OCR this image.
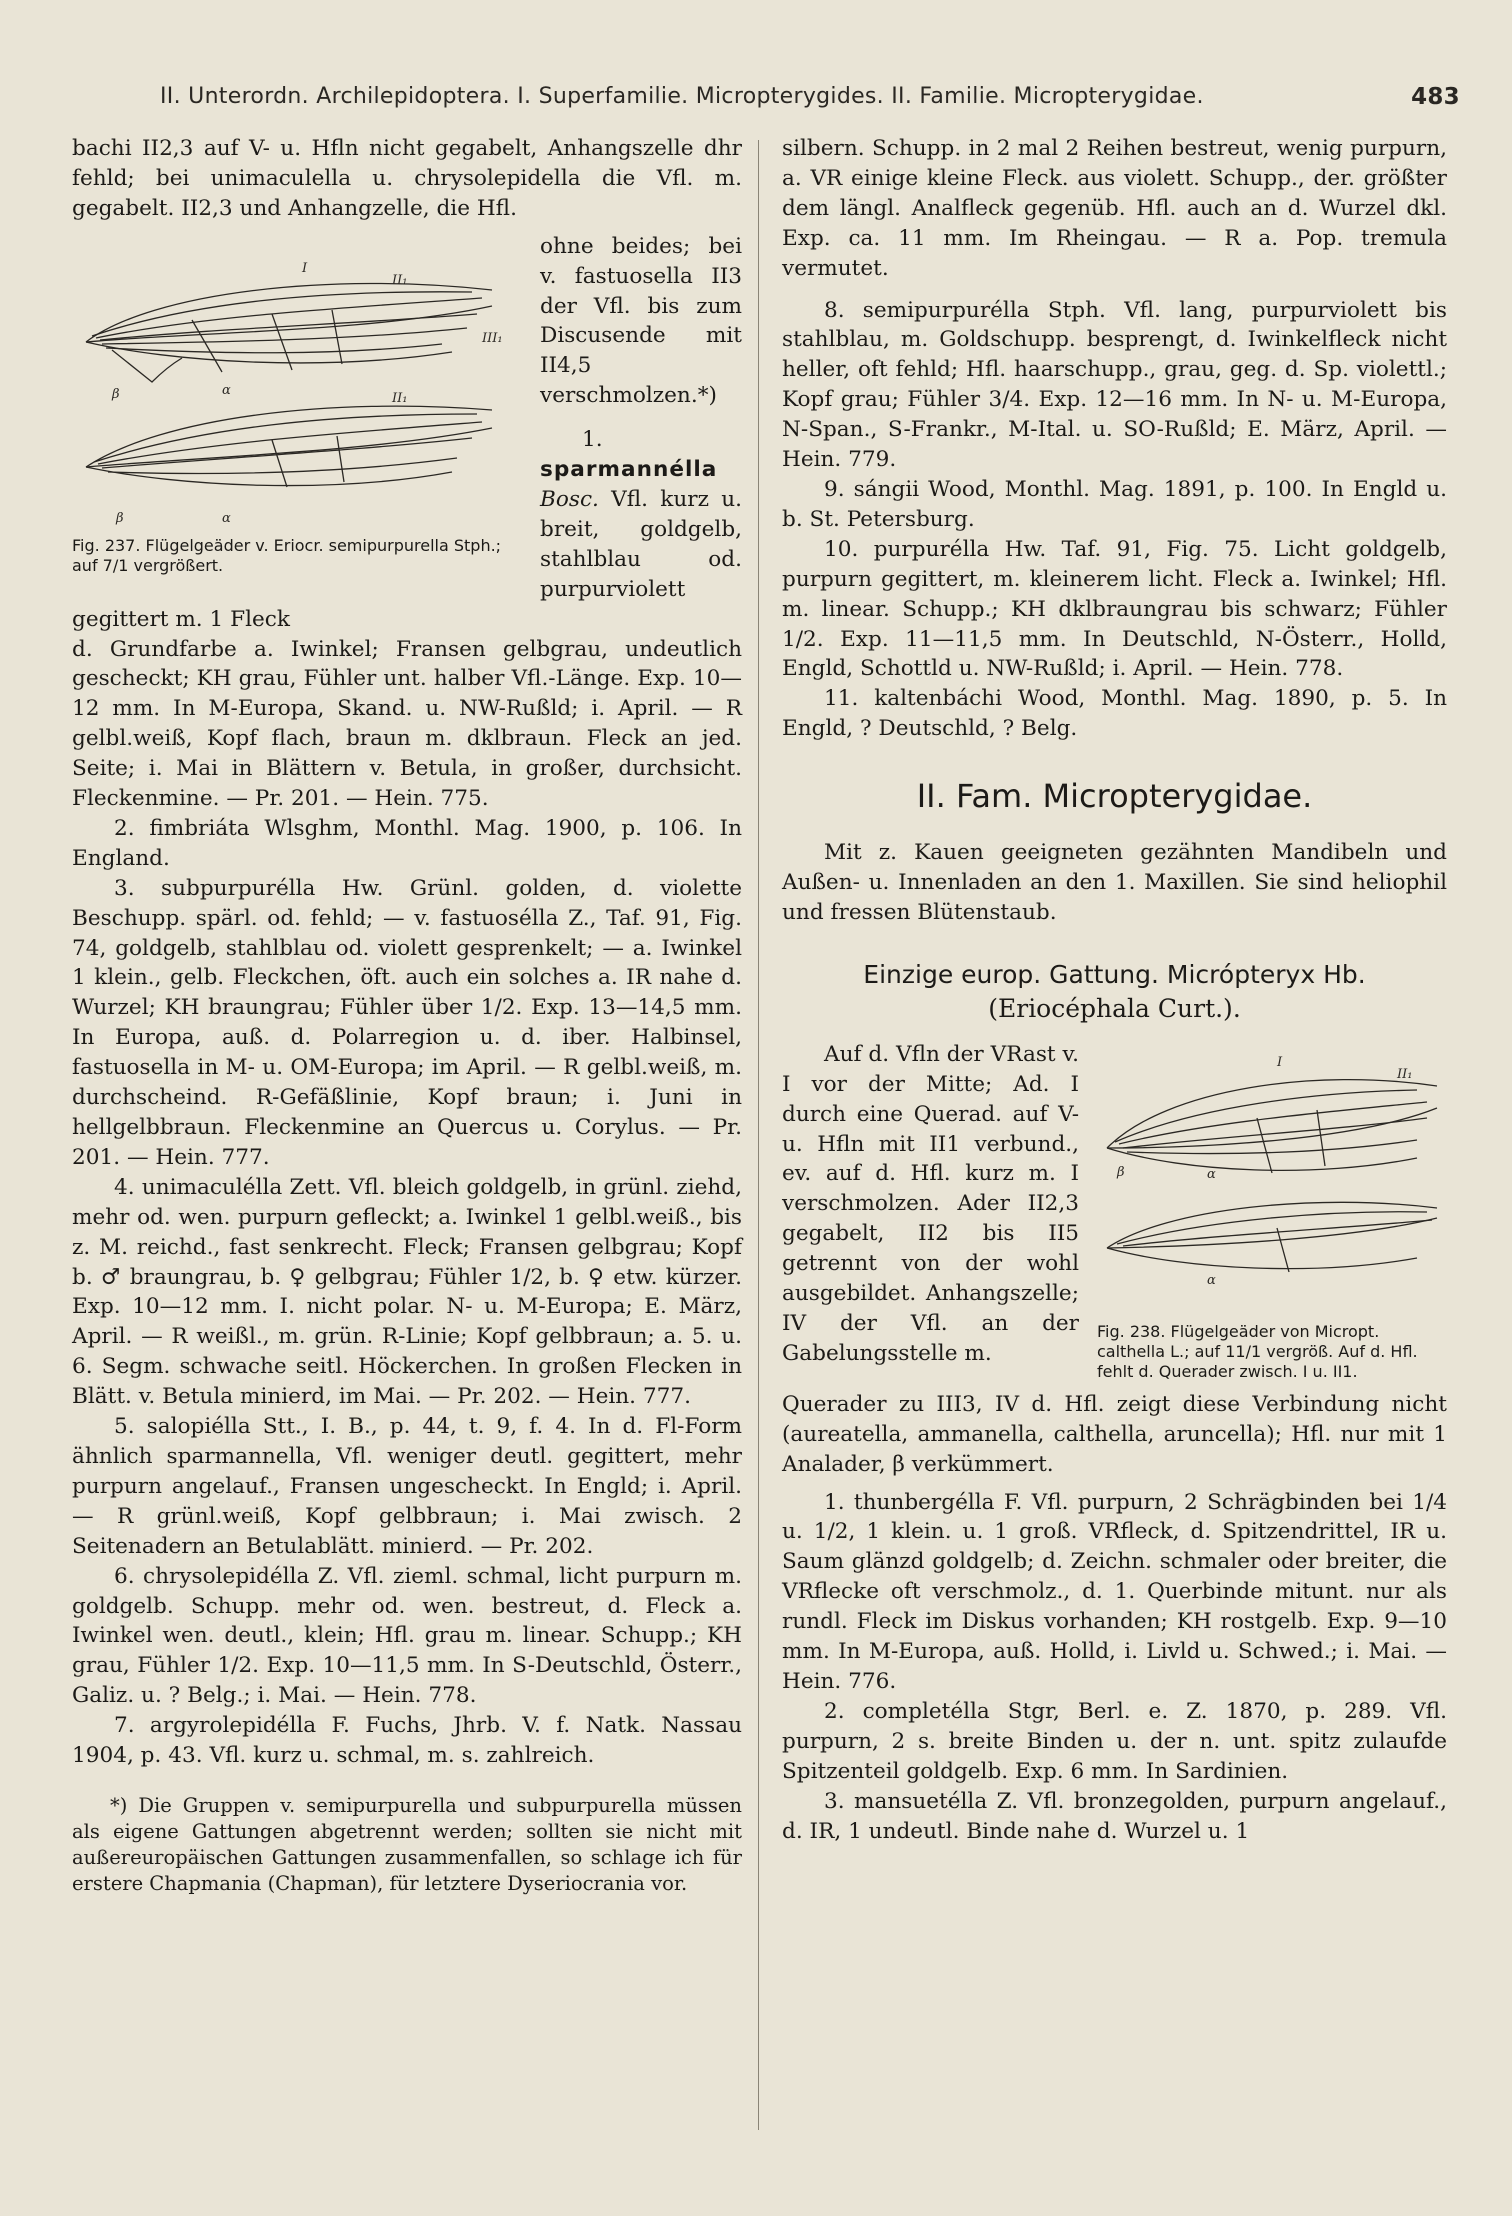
II. Unterordn. Archilepidoptera. I. Superfamilie. Micropterygides. II. Familie. Micropterygidae.	483

bachi II2,3 auf V- u. Hfln nicht gegabelt, Anhangszelle dhr fehld; bei unimaculella u. chrysolepidella die Vfl. m. gegabelt. II2,3 und Anhangzelle, die Hfl.

I
II₁
III₁
β	α
II₁
β	α
Fig. 237. Flügelgeäder v. Eriocr. semipurpurella Stph.; auf 7/1 vergrößert.

ohne beides; bei v. fastuosella II3 der Vfl. bis zum Discusende mit II4,5 verschmolzen.*)

1. sparmannélla Bosc. Vfl. kurz u. breit, goldgelb, stahlblau od. purpurviolett gegittert m. 1 Fleck

d. Grundfarbe a. Iwinkel; Fransen gelbgrau, undeutlich gescheckt; KH grau, Fühler unt. halber Vfl.-Länge. Exp. 10—12 mm. In M-Europa, Skand. u. NW-Rußld; i. April. — R gelbl.weiß, Kopf flach, braun m. dklbraun. Fleck an jed. Seite; i. Mai in Blättern v. Betula, in großer, durchsicht. Fleckenmine. — Pr. 201. — Hein. 775.

2. fimbriáta Wlsghm, Monthl. Mag. 1900, p. 106. In England.

3. subpurpurélla Hw. Grünl. golden, d. violette Beschupp. spärl. od. fehld; — v. fastuosélla Z., Taf. 91, Fig. 74, goldgelb, stahlblau od. violett gesprenkelt; — a. Iwinkel 1 klein., gelb. Fleckchen, öft. auch ein solches a. IR nahe d. Wurzel; KH braungrau; Fühler über 1/2. Exp. 13—14,5 mm. In Europa, auß. d. Polarregion u. d. iber. Halbinsel, fastuosella in M- u. OM-Europa; im April. — R gelbl.weiß, m. durchscheind. R-Gefäßlinie, Kopf braun; i. Juni in hellgelbbraun. Fleckenmine an Quercus u. Corylus. — Pr. 201. — Hein. 777.

4. unimaculélla Zett. Vfl. bleich goldgelb, in grünl. ziehd, mehr od. wen. purpurn gefleckt; a. Iwinkel 1 gelbl.weiß., bis z. M. reichd., fast senkrecht. Fleck; Fransen gelbgrau; Kopf b. ♂ braungrau, b. ♀ gelbgrau; Fühler 1/2, b. ♀ etw. kürzer. Exp. 10—12 mm. I. nicht polar. N- u. M-Europa; E. März, April. — R weißl., m. grün. R-Linie; Kopf gelbbraun; a. 5. u. 6. Segm. schwache seitl. Höckerchen. In großen Flecken in Blätt. v. Betula minierd, im Mai. — Pr. 202. — Hein. 777.

5. salopiélla Stt., I. B., p. 44, t. 9, f. 4. In d. Fl-Form ähnlich sparmannella, Vfl. weniger deutl. gegittert, mehr purpurn angelauf., Fransen ungescheckt. In Engld; i. April. — R grünl.weiß, Kopf gelbbraun; i. Mai zwisch. 2 Seitenadern an Betulablätt. minierd. — Pr. 202.

6. chrysolepidélla Z. Vfl. zieml. schmal, licht purpurn m. goldgelb. Schupp. mehr od. wen. bestreut, d. Fleck a. Iwinkel wen. deutl., klein; Hfl. grau m. linear. Schupp.; KH grau, Fühler 1/2. Exp. 10—11,5 mm. In S-Deutschld, Österr., Galiz. u. ? Belg.; i. Mai. — Hein. 778.

7. argyrolepidélla F. Fuchs, Jhrb. V. f. Natk. Nassau 1904, p. 43. Vfl. kurz u. schmal, m. s. zahlreich.

*) Die Gruppen v. semipurpurella und subpurpurella müssen als eigene Gattungen abgetrennt werden; sollten sie nicht mit außereuropäischen Gattungen zusammenfallen, so schlage ich für erstere Chapmania (Chapman), für letztere Dyseriocrania vor.

silbern. Schupp. in 2 mal 2 Reihen bestreut, wenig purpurn, a. VR einige kleine Fleck. aus violett. Schupp., der. größter dem längl. Analfleck gegenüb. Hfl. auch an d. Wurzel dkl. Exp. ca. 11 mm. Im Rheingau. — R a. Pop. tremula vermutet.

8. semipurpurélla Stph. Vfl. lang, purpurviolett bis stahlblau, m. Goldschupp. besprengt, d. Iwinkelfleck nicht heller, oft fehld; Hfl. haarschupp., grau, geg. d. Sp. violettl.; Kopf grau; Fühler 3/4. Exp. 12—16 mm. In N- u. M-Europa, N-Span., S-Frankr., M-Ital. u. SO-Rußld; E. März, April. — Hein. 779.

9. sángii Wood, Monthl. Mag. 1891, p. 100. In Engld u. b. St. Petersburg.

10. purpurélla Hw. Taf. 91, Fig. 75. Licht goldgelb, purpurn gegittert, m. kleinerem licht. Fleck a. Iwinkel; Hfl. m. linear. Schupp.; KH dklbraungrau bis schwarz; Fühler 1/2. Exp. 11—11,5 mm. In Deutschld, N-Österr., Holld, Engld, Schottld u. NW-Rußld; i. April. — Hein. 778.

11. kaltenbáchi Wood, Monthl. Mag. 1890, p. 5. In Engld, ? Deutschld, ? Belg.

II. Fam. Micropterygidae.

Mit z. Kauen geeigneten gezähnten Mandibeln und Außen- u. Innenladen an den 1. Maxillen. Sie sind heliophil und fressen Blütenstaub.

Einzige europ. Gattung. Micrópteryx Hb.
(Eriocéphala Curt.).
I
II₁
β	α
α
Fig. 238. Flügelgeäder von Micropt. calthella L.; auf 11/1 vergröß. Auf d. Hfl. fehlt d. Querader zwisch. I u. II1.

Auf d. Vfln der VRast v. I vor der Mitte; Ad. I durch eine Querad. auf V- u. Hfln mit II1 verbund., ev. auf d. Hfl. kurz m. I verschmolzen. Ader II2,3 gegabelt, II2 bis II5 getrennt von der wohl ausgebildet. Anhangszelle; IV der Vfl. an der Gabelungsstelle m.

Querader zu III3, IV d. Hfl. zeigt diese Verbindung nicht (aureatella, ammanella, calthella, aruncella); Hfl. nur mit 1 Analader, β verkümmert.

1. thunbergélla F. Vfl. purpurn, 2 Schrägbinden bei 1/4 u. 1/2, 1 klein. u. 1 groß. VRfleck, d. Spitzendrittel, IR u. Saum glänzd goldgelb; d. Zeichn. schmaler oder breiter, die VRflecke oft verschmolz., d. 1. Querbinde mitunt. nur als rundl. Fleck im Diskus vorhanden; KH rostgelb. Exp. 9—10 mm. In M-Europa, auß. Holld, i. Livld u. Schwed.; i. Mai. — Hein. 776.

2. completélla Stgr, Berl. e. Z. 1870, p. 289. Vfl. purpurn, 2 s. breite Binden u. der n. unt. spitz zulaufde Spitzenteil goldgelb. Exp. 6 mm. In Sardinien.

3. mansuetélla Z. Vfl. bronzegolden, purpurn angelauf., d. IR, 1 undeutl. Binde nahe d. Wurzel u. 1
